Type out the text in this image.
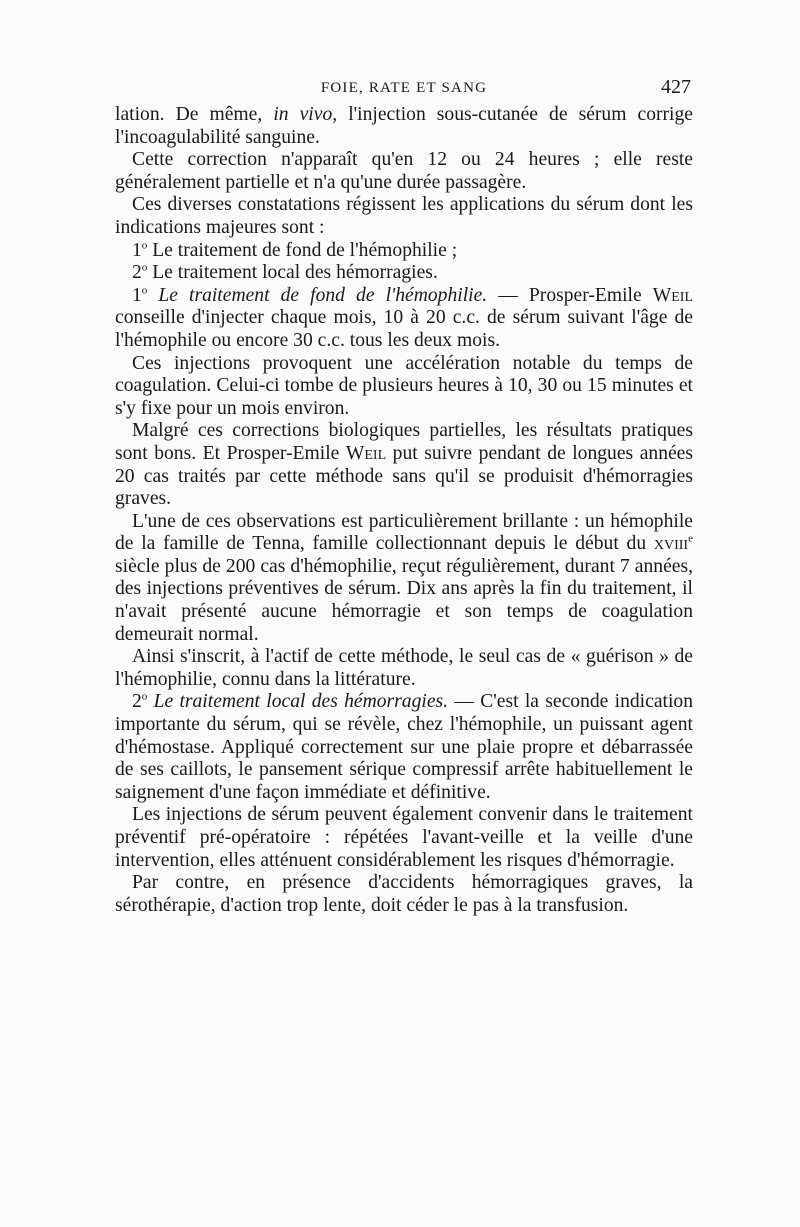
FOIE, RATE ET SANG	427

lation. De même, in vivo, l'injection sous-cutanée de sérum corrige l'incoagulabilité sanguine.

Cette correction n'apparaît qu'en 12 ou 24 heures ; elle reste généralement partielle et n'a qu'une durée passagère.

Ces diverses constatations régissent les applications du sérum dont les indications majeures sont :

1$^o$ Le traitement de fond de l'hémophilie ;

2$^o$ Le traitement local des hémorragies.

1$^o$ Le traitement de fond de l'hémophilie. — Prosper-Emile Weil conseille d'injecter chaque mois, 10 à 20 c.c. de sérum suivant l'âge de l'hémophile ou encore 30 c.c. tous les deux mois.

Ces injections provoquent une accélération notable du temps de coagulation. Celui-ci tombe de plusieurs heures à 10, 30 ou 15 minutes et s'y fixe pour un mois environ.

Malgré ces corrections biologiques partielles, les résultats pratiques sont bons. Et Prosper-Emile Weil put suivre pendant de longues années 20 cas traités par cette méthode sans qu'il se produisit d'hémorragies graves.

L'une de ces observations est particulièrement brillante : un hémophile de la famille de Tenna, famille collectionnant depuis le début du xviii$^e$ siècle plus de 200 cas d'hémophilie, reçut régulièrement, durant 7 années, des injections préventives de sérum. Dix ans après la fin du traitement, il n'avait présenté aucune hémorragie et son temps de coagulation demeurait normal.

Ainsi s'inscrit, à l'actif de cette méthode, le seul cas de « guérison » de l'hémophilie, connu dans la littérature.

2$^o$ Le traitement local des hémorragies. — C'est la seconde indication importante du sérum, qui se révèle, chez l'hémophile, un puissant agent d'hémostase. Appliqué correctement sur une plaie propre et débarrassée de ses caillots, le pansement sérique compressif arrête habituellement le saignement d'une façon immédiate et définitive.

Les injections de sérum peuvent également convenir dans le traitement préventif pré-opératoire : répétées l'avant-veille et la veille d'une intervention, elles atténuent considérablement les risques d'hémorragie.

Par contre, en présence d'accidents hémorragiques graves, la sérothérapie, d'action trop lente, doit céder le pas à la transfusion.
